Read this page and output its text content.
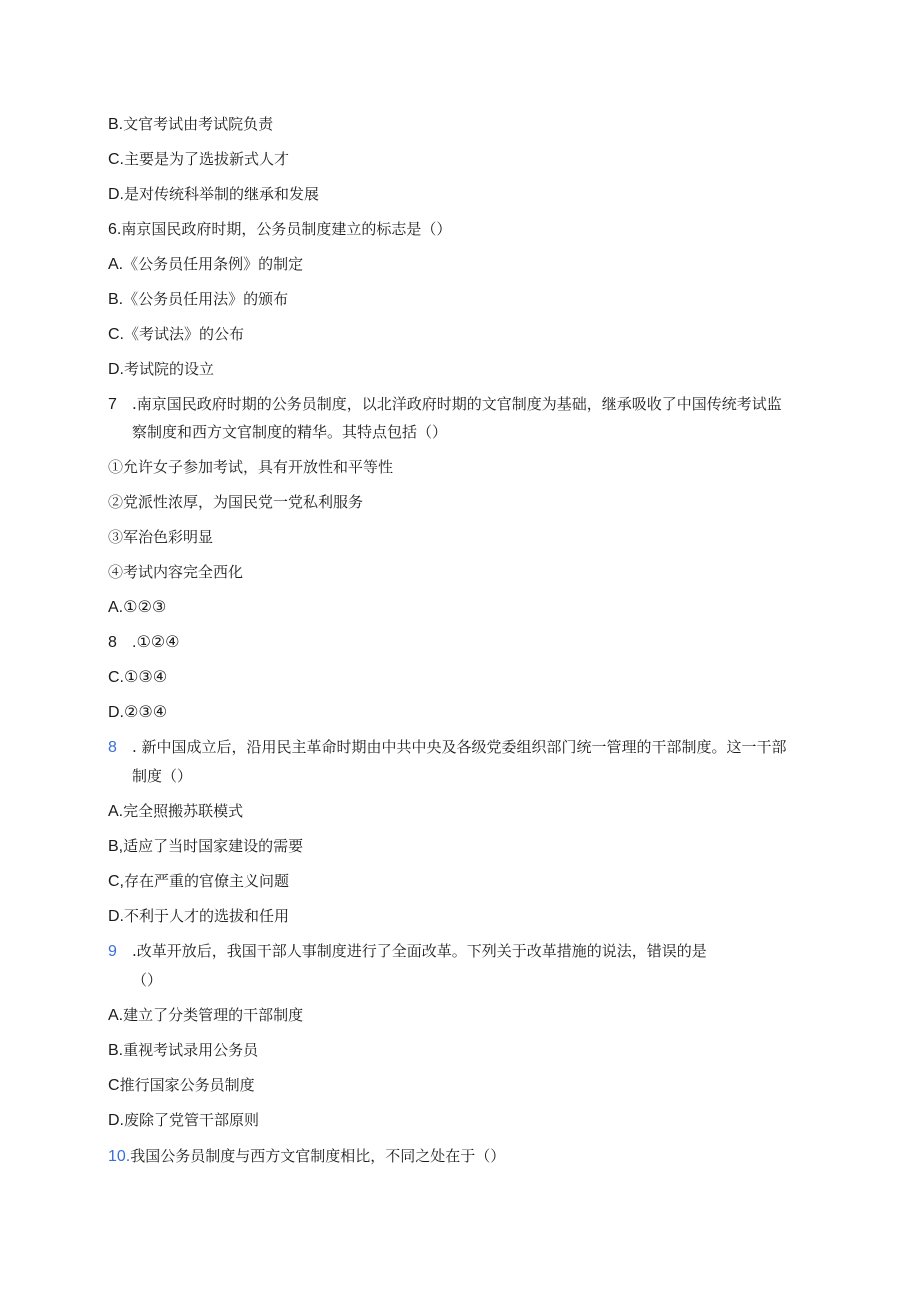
B.文官考试由考试院负责
C.主要是为了选拔新式人才
D.是对传统科举制的继承和发展
6.南京国民政府时期，公务员制度建立的标志是（）
A.《公务员任用条例》的制定
B.《公务员任用法》的颁布
C.《考试法》的公布
D.考试院的设立
7 .南京国民政府时期的公务员制度，以北洋政府时期的文官制度为基础，继承吸收了中国传统考试监
察制度和西方文官制度的精华。其特点包括（）
①允许女子参加考试，具有开放性和平等性
②党派性浓厚，为国民党一党私利服务
③军治色彩明显
④考试内容完全西化
A.①②③
8 .①②④
C.①③④
D.②③④
8 . 新中国成立后，沿用民主革命时期由中共中央及各级党委组织部门统一管理的干部制度。这一干部
制度（）
A.完全照搬苏联模式
B,适应了当时国家建设的需要
C,存在严重的官僚主义问题
D.不利于人才的选拔和任用
9 .改革开放后，我国干部人事制度进行了全面改革。下列关于改革措施的说法，错误的是
（）
A.建立了分类管理的干部制度
B.重视考试录用公务员
C推行国家公务员制度
D.废除了党管干部原则
10.我国公务员制度与西方文官制度相比，不同之处在于（）
